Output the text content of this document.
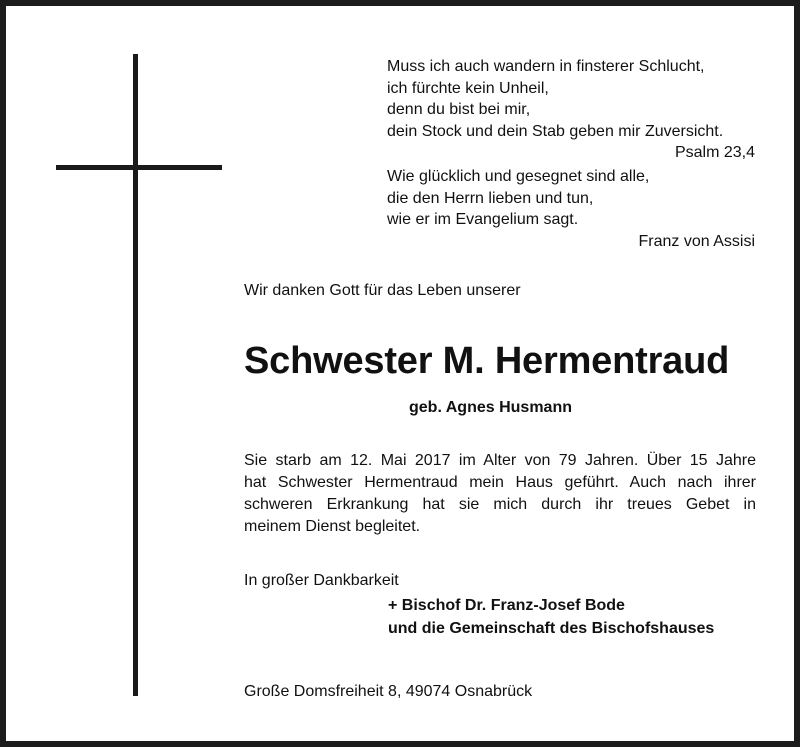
Muss ich auch wandern in finsterer Schlucht,
ich fürchte kein Unheil,
denn du bist bei mir,
dein Stock und dein Stab geben mir Zuversicht.
Psalm 23,4
Wie glücklich und gesegnet sind alle,
die den Herrn lieben und tun,
wie er im Evangelium sagt.
Franz von Assisi
Wir danken Gott für das Leben unserer
Schwester M. Hermentraud
geb. Agnes Husmann
Sie starb am 12. Mai 2017 im Alter von 79 Jahren. Über 15 Jahre
hat Schwester Hermentraud mein Haus geführt. Auch nach ihrer
schweren Erkrankung hat sie mich durch ihr treues Gebet in
meinem Dienst begleitet.
In großer Dankbarkeit
+ Bischof Dr. Franz-Josef Bode
und die Gemeinschaft des Bischofshauses
Große Domsfreiheit 8, 49074 Osnabrück
